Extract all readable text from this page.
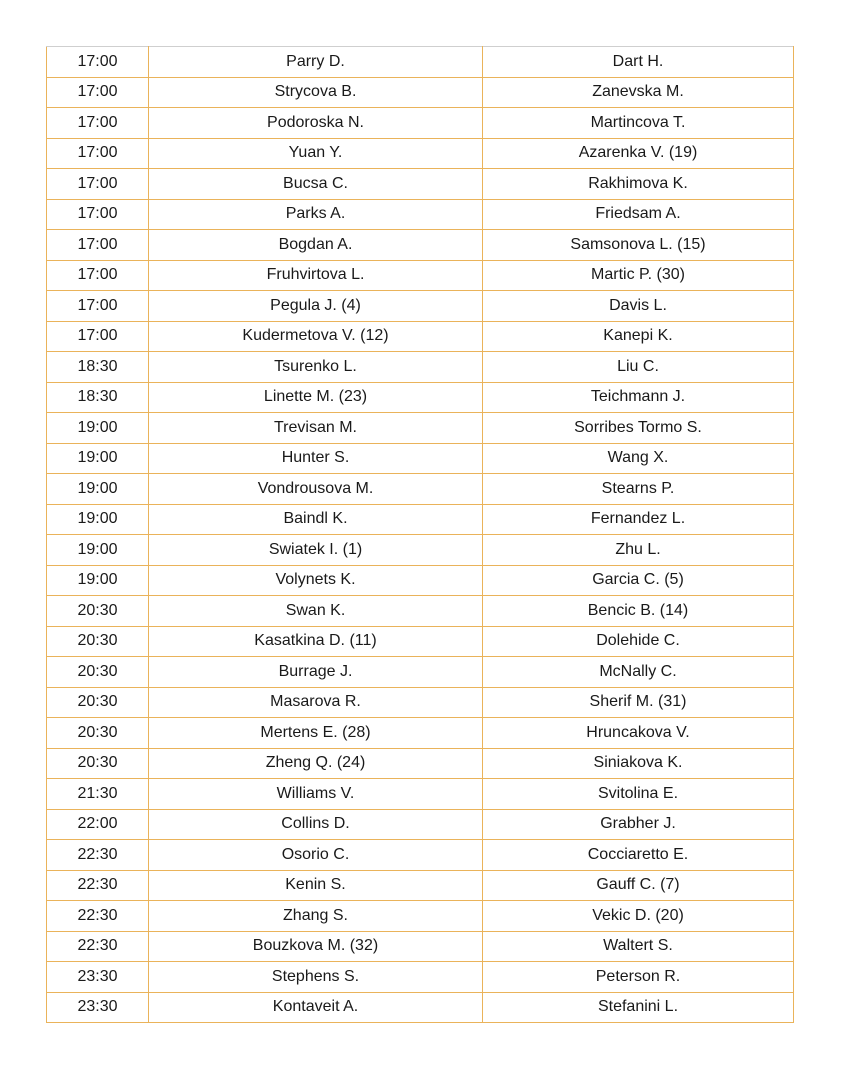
17:00	Parry D.	Dart H.
17:00	Strycova B.	Zanevska M.
17:00	Podoroska N.	Martincova T.
17:00	Yuan Y.	Azarenka V. (19)
17:00	Bucsa C.	Rakhimova K.
17:00	Parks A.	Friedsam A.
17:00	Bogdan A.	Samsonova L. (15)
17:00	Fruhvirtova L.	Martic P. (30)
17:00	Pegula J. (4)	Davis L.
17:00	Kudermetova V. (12)	Kanepi K.
18:30	Tsurenko L.	Liu C.
18:30	Linette M. (23)	Teichmann J.
19:00	Trevisan M.	Sorribes Tormo S.
19:00	Hunter S.	Wang X.
19:00	Vondrousova M.	Stearns P.
19:00	Baindl K.	Fernandez L.
19:00	Swiatek I. (1)	Zhu L.
19:00	Volynets K.	Garcia C. (5)
20:30	Swan K.	Bencic B. (14)
20:30	Kasatkina D. (11)	Dolehide C.
20:30	Burrage J.	McNally C.
20:30	Masarova R.	Sherif M. (31)
20:30	Mertens E. (28)	Hruncakova V.
20:30	Zheng Q. (24)	Siniakova K.
21:30	Williams V.	Svitolina E.
22:00	Collins D.	Grabher J.
22:30	Osorio C.	Cocciaretto E.
22:30	Kenin S.	Gauff C. (7)
22:30	Zhang S.	Vekic D. (20)
22:30	Bouzkova M. (32)	Waltert S.
23:30	Stephens S.	Peterson R.
23:30	Kontaveit A.	Stefanini L.
